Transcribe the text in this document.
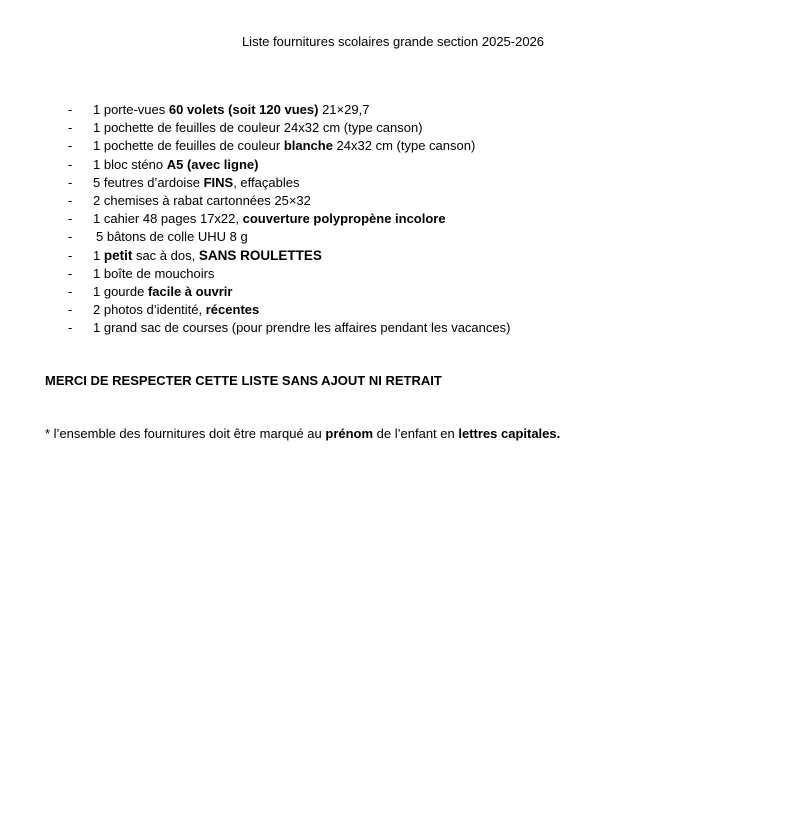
Liste fournitures scolaires grande section 2025-2026
- 1 porte-vues 60 volets (soit 120 vues) 21×29,7
- 1 pochette de feuilles de couleur 24x32 cm (type canson)
- 1 pochette de feuilles de couleur blanche 24x32 cm (type canson)
- 1 bloc sténo A5 (avec ligne)
- 5 feutres d’ardoise FINS, effaçables
- 2 chemises à rabat cartonnées 25×32
- 1 cahier 48 pages 17x22, couverture polypropène incolore
- 5 bâtons de colle UHU 8 g
- 1 petit sac à dos, SANS ROULETTES
- 1 boîte de mouchoirs
- 1 gourde facile à ouvrir
- 2 photos d’identité, récentes
- 1 grand sac de courses (pour prendre les affaires pendant les vacances)
MERCI DE RESPECTER CETTE LISTE SANS AJOUT NI RETRAIT
* l’ensemble des fournitures doit être marqué au prénom de l’enfant en lettres capitales.
